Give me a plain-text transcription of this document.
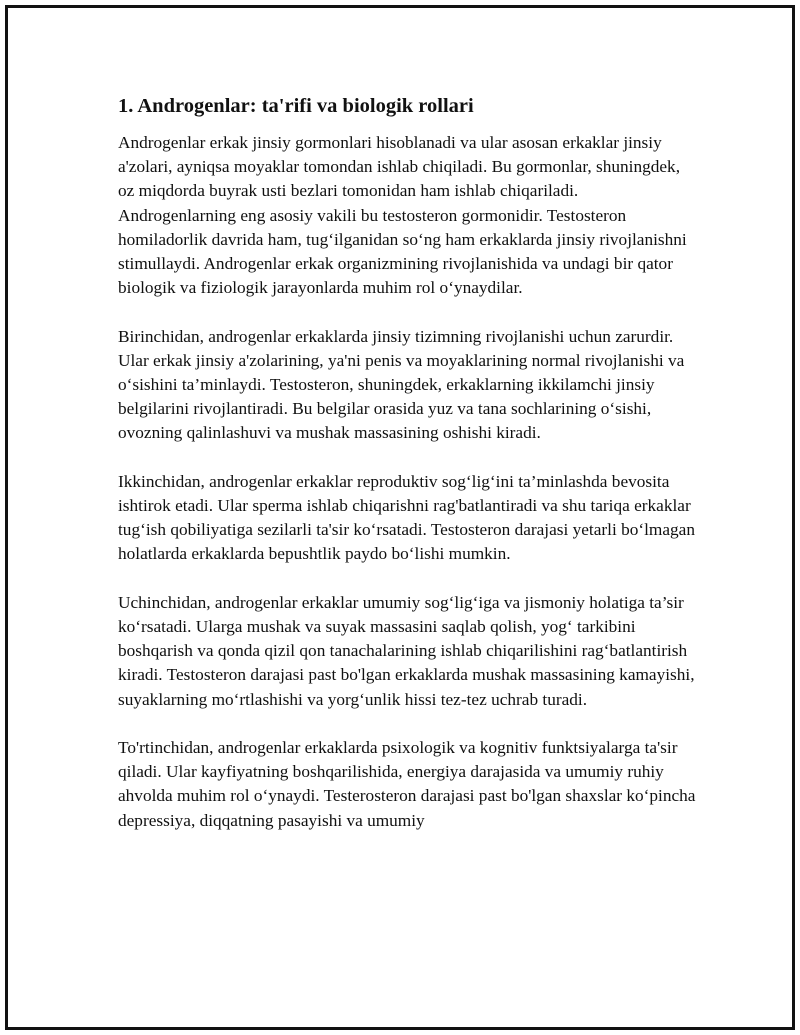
1. Androgenlar: ta'rifi va biologik rollari

Androgenlar erkak jinsiy gormonlari hisoblanadi va ular asosan erkaklar jinsiy a'zolari, ayniqsa moyaklar tomondan ishlab chiqiladi. Bu gormonlar, shuningdek, oz miqdorda buyrak usti bezlari tomonidan ham ishlab chiqariladi. Androgenlarning eng asosiy vakili bu testosteron gormonidir. Testosteron homiladorlik davrida ham, tug‘ilganidan so‘ng ham erkaklarda jinsiy rivojlanishni stimullaydi. Androgenlar erkak organizmining rivojlanishida va undagi bir qator biologik va fiziologik jarayonlarda muhim rol o‘ynaydilar.

Birinchidan, androgenlar erkaklarda jinsiy tizimning rivojlanishi uchun zarurdir. Ular erkak jinsiy a'zolarining, ya'ni penis va moyaklarining normal rivojlanishi va o‘sishini ta’minlaydi. Testosteron, shuningdek, erkaklarning ikkilamchi jinsiy belgilarini rivojlantiradi. Bu belgilar orasida yuz va tana sochlarining o‘sishi, ovozning qalinlashuvi va mushak massasining oshishi kiradi.

Ikkinchidan, androgenlar erkaklar reproduktiv sog‘lig‘ini ta’minlashda bevosita ishtirok etadi. Ular sperma ishlab chiqarishni rag'batlantiradi va shu tariqa erkaklar tug‘ish qobiliyatiga sezilarli ta'sir ko‘rsatadi. Testosteron darajasi yetarli bo‘lmagan holatlarda erkaklarda bepushtlik paydo bo‘lishi mumkin.

Uchinchidan, androgenlar erkaklar umumiy sog‘lig‘iga va jismoniy holatiga ta’sir ko‘rsatadi. Ularga mushak va suyak massasini saqlab qolish, yog‘ tarkibini boshqarish va qonda qizil qon tanachalarining ishlab chiqarilishini rag‘batlantirish kiradi. Testosteron darajasi past bo'lgan erkaklarda mushak massasining kamayishi, suyaklarning mo‘rtlashishi va yorg‘unlik hissi tez-tez uchrab turadi.

To'rtinchidan, androgenlar erkaklarda psixologik va kognitiv funktsiyalarga ta'sir qiladi. Ular kayfiyatning boshqarilishida, energiya darajasida va umumiy ruhiy ahvolda muhim rol o‘ynaydi. Testerosteron darajasi past bo'lgan shaxslar ko‘pincha depressiya, diqqatning pasayishi va umumiy
